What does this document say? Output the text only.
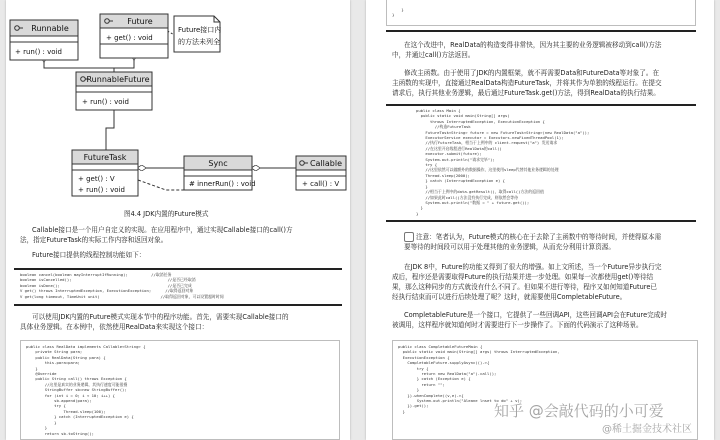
Runnable
+ run() : void
Future
+ get() : void
Future接口内
的方法未列全
RunnableFuture
+ run() : void
FutureTask
+ get() : V
+ run() : void
Sync
# innerRun() : void
Callable
+ call() : V
图4.4 JDK内置的Future模式

Callable接口是一个用户自定义的实现。在应用程序中，通过实现Callable接口的call()方

法，指定FutureTask的实际工作内容和返回对象。

Future接口提供的线程控制功能如下：

boolean cancel(boolean mayInterruptIfRunning);          //取消任务
boolean isCancelled();                                         //是否已经取消
boolean isDone();                                              //是否已完成
V get() throws InterruptedException, ExecutionException;      //取得返回对象
V get(long timeout, TimeUnit unit)                          //取得返回对象，可以设置超时时间

可以使用JDK内置的Future模式实现本节中的程序功能。首先，需要实现Callable接口的

具体业务逻辑。在本例中，依然使用RealData来实现这个接口：

public class RealData implements Callable<String> {
private String para;
public RealData(String para) {
this.para=para;
}
@Override
public String call() throws Exception {
//这里是真实的业务逻辑，其执行速度可能很慢
StringBuffer sb=new StringBuffer();
for (int i = 0; i < 10; i++) {
sb.append(para);
try {
Thread.sleep(100);
} catch (InterruptedException e) {
}
}
return sb.toString();
}
}

在这个改进中，RealData的构造变得非常快，因为其主要的业务逻辑被移动到call()方法

中，并通过call()方法返回。

修改主函数。由于使用了JDK的内置框架，就不再需要Data和FutureData等对象了。在

主函数的实现中，直接通过RealData构造FutureTask，并将其作为单独的线程运行。在提交

请求后，执行其他业务逻辑，最后通过FutureTask.get()方法，得到RealData的执行结果。

public class Main {
public static void main(String[] args)
throws InterruptedException, ExecutionException {
//构造FutureTask
FutureTask<String> future = new FutureTask<String>(new RealData("a"));
ExecutorService executor = Executors.newFixedThreadPool(1);
//执行FutureTask，相当于上例中的 client.request("a") 发送请求
//在这里开启线程进行RealData的call()
executor.submit(future);
System.out.println("请求完毕");
try {
//这里依然可以做额外的数据操作，这里使用sleep代替其他业务逻辑的处理
Thread.sleep(2000);
} catch (InterruptedException e) {
}
//相当于上例中的data.getResult()，取得call()方法的返回值
//如果此时call()方法没有执行完成，则依然会等待
System.out.println("数据 = " + future.get());
}
}
注意：笔者认为，Future模式的核心在于去除了主函数中的等待时间，并使得原本需

要等待的时间段可以用于处理其他的业务逻辑，从而充分利用计算资源。

在JDK 8中，Future的功能又得到了很大的增强。如上文所述，当一个Future异步执行完

成后，程序还是需要取得Future的执行结果并进一步处理。如果每一次都使用get()等待结

果，那么这种同步的方式就没有什么不同了。但如果不进行等待，程序又如何知道Future已

经执行结束而可以进行后续处理了呢？这时，就需要使用CompletableFuture。

CompletableFuture是一个接口，它提供了一些回调API，这些回调API会在Future完成时

被调用，这样程序就知道何时才需要进行下一步操作了。下面的代码演示了这种场景。

public class CompletableFutureMain {
public static void main(String[] args) throws InterruptedException,
ExecutionException {
CompletableFuture.supplyAsync(()->{
try {
return new RealData("a").call();
} catch (Exception e) {
return "";
}
}).whenComplete((v,e)->{
System.out.println("Aleane lnset to do" + v);
}).get();
}	知乎 @会敲代码的小可爱
@稀土掘金技术社区
